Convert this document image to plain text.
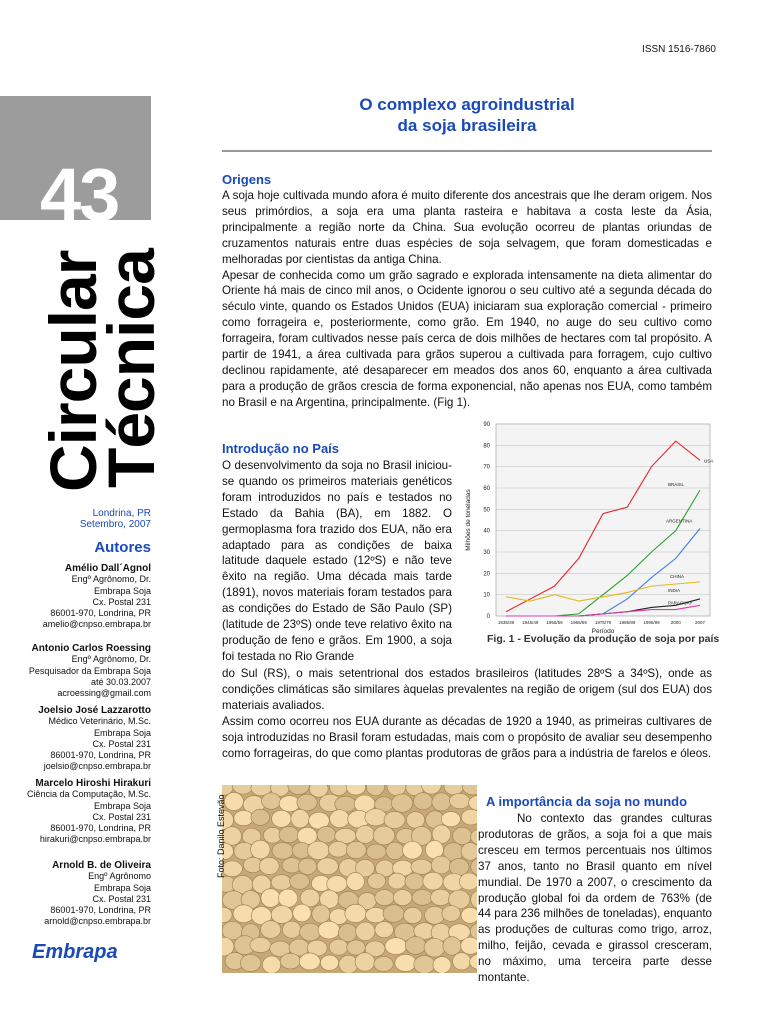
ISSN 1516-7860
43
Circular
Técnica
Londrina, PR
Setembro, 2007
Autores
Amélio Dall´Agnol
Engº Agrônomo, Dr.
Embrapa Soja
Cx. Postal 231
86001-970, Londrina, PR
amelio@cnpso.embrapa.br
Antonio Carlos Roessing
Engº Agrônomo, Dr.
Pesquisador da Embrapa Soja
até 30.03.2007
acroessing@gmail.com
Joelsio José Lazzarotto
Médico Veterinário, M.Sc.
Embrapa Soja
Cx. Postal 231
86001-970, Londrina, PR
joelsio@cnpso.embrapa.br
Marcelo Hiroshi Hirakuri
Ciência da Computação, M.Sc.
Embrapa Soja
Cx. Postal 231
86001-970, Londrina, PR
hirakuri@cnpso.embrapa.br
Arnold B. de Oliveira
Engº Agrônomo
Embrapa Soja
Cx. Postal 231
86001-970, Londrina, PR
arnold@cnpso.embrapa.br
Embrapa
O complexo agroindustrial
da soja brasileira
Origens
A soja hoje cultivada mundo afora é muito diferente dos ancestrais que lhe deram origem. Nos seus primórdios, a soja era uma planta rasteira e habitava a costa leste da Ásia, principalmente a região norte da China. Sua evolução ocorreu de plantas oriundas de cruzamentos naturais entre duas espécies de soja selvagem, que foram domesticadas e melhoradas por cientistas da antiga China.
Apesar de conhecida como um grão sagrado e explorada intensamente na dieta alimentar do Oriente há mais de cinco mil anos, o Ocidente ignorou o seu cultivo até a segunda década do século vinte, quando os Estados Unidos (EUA) iniciaram sua exploração comercial - primeiro como forrageira e, posteriormente, como grão. Em 1940, no auge do seu cultivo como forrageira, foram cultivados nesse país cerca de dois milhões de hectares com tal propósito. A partir de 1941, a área cultivada para grãos superou a cultivada para forragem, cujo cultivo declinou rapidamente, até desaparecer em meados dos anos 60, enquanto a área cultivada para a produção de grãos crescia de forma exponencial, não apenas nos EUA, como também no Brasil e na Argentina, principalmente. (Fig 1).
Introdução no País
O desenvolvimento da soja no Brasil iniciou-se quando os primeiros materiais genéticos foram introduzidos no país e testados no Estado da Bahia (BA), em 1882. O germoplasma fora trazido dos EUA, não era adaptado para as condições de baixa latitude daquele estado (12ºS) e não teve êxito na região. Uma década mais tarde (1891), novos materiais foram testados para as condições do Estado de São Paulo (SP) (latitude de 23ºS) onde teve relativo êxito na produção de feno e grãos. Em 1900, a soja foi testada no Rio Grande
do Sul (RS), o mais setentrional dos estados brasileiros (latitudes 28ºS a 34ºS), onde as condições climáticas são similares àquelas prevalentes na região de origem (sul dos EUA) dos materiais avaliados.
Assim como ocorreu nos EUA durante as décadas de 1920 a 1940, as primeiras cultivares de soja introduzidas no Brasil foram estudadas, mais com o propósito de avaliar seu desempenho como forrageiras, do que como plantas produtoras de grãos para a indústria de farelos e óleos.
0
10
20
30
40
50
60
70
80
90
1935/39 1945/49 1955/59 1965/69 1975/79 1985/89 1995/99 2000	2007
Período
Milhões de toneladas
USA
BRASIL
ARGENTINA
CHINA
INDIA
PARAGUAY
Fig. 1 - Evolução da produção de soja por país
Foto: Danilo Estevão	A importância da soja no mundo
No contexto das grandes culturas produtoras de grãos, a soja foi a que mais cresceu em termos percentuais nos últimos 37 anos, tanto no Brasil quanto em nível mundial. De 1970 a 2007, o crescimento da produção global foi da ordem de 763% (de 44 para 236 milhões de toneladas), enquanto as produções de culturas como trigo, arroz, milho, feijão, cevada e girassol cresceram, no máximo, uma terceira parte desse montante.
